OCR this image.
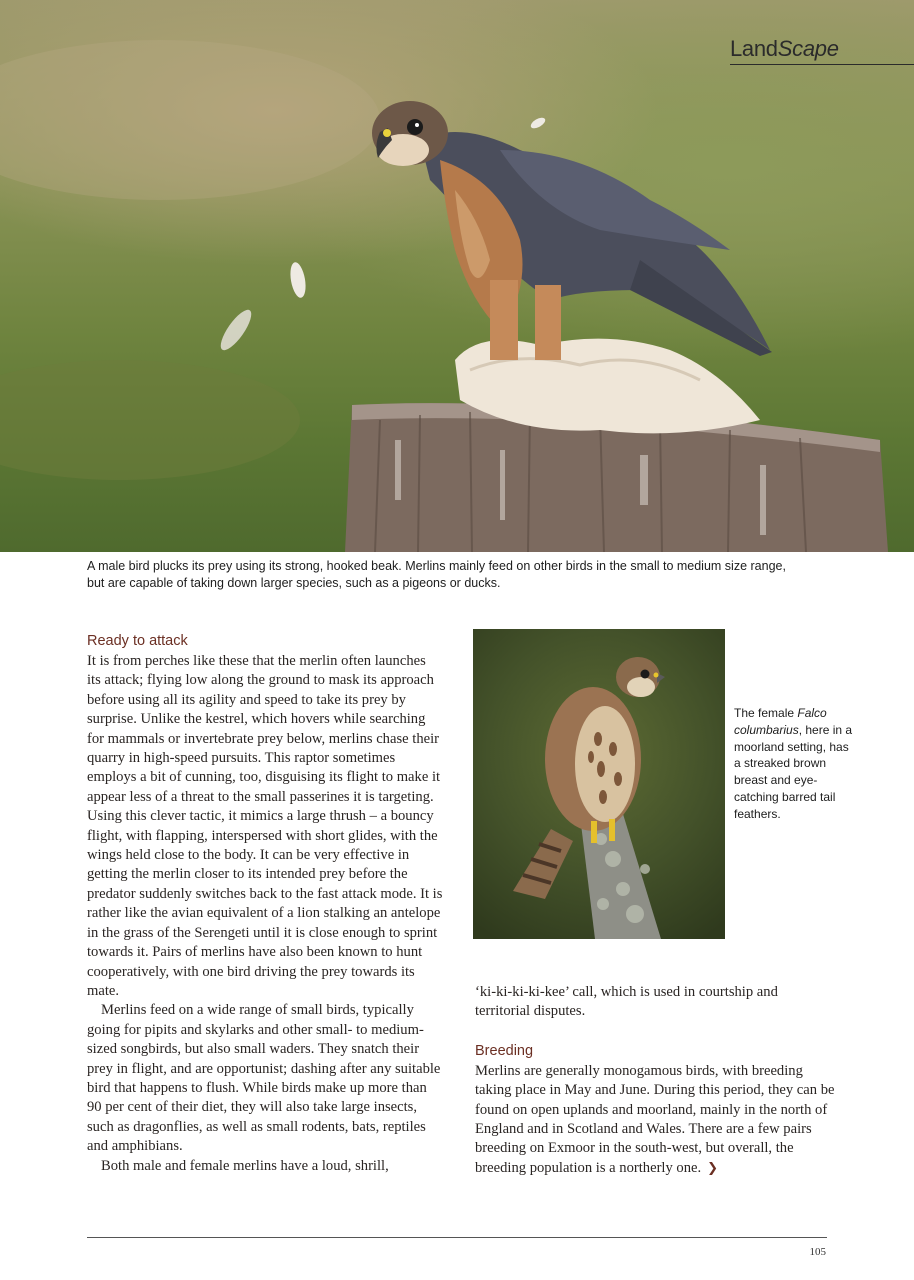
LandScape

A male bird plucks its prey using its strong, hooked beak. Merlins mainly feed on other birds in the small to medium size range,

but are capable of taking down larger species, such as a pigeons or ducks.

Ready to attack

It is from perches like these that the merlin often launches its attack; flying low along the ground to mask its approach before using all its agility and speed to take its prey by surprise. Unlike the kestrel, which hovers while searching for mammals or invertebrate prey below, merlins chase their quarry in high-speed pursuits. This raptor sometimes employs a bit of cunning, too, disguising its flight to make it appear less of a threat to the small passerines it is targeting. Using this clever tactic, it mimics a large thrush – a bouncy flight, with flapping, interspersed with short glides, with the wings held close to the body. It can be very effective in getting the merlin closer to its intended prey before the predator suddenly switches back to the fast attack mode. It is rather like the avian equivalent of a lion stalking an antelope in the grass of the Serengeti until it is close enough to sprint towards it. Pairs of merlins have also been known to hunt cooperatively, with one bird driving the prey towards its mate.

Merlins feed on a wide range of small birds, typically going for pipits and skylarks and other small- to medium-sized songbirds, but also small waders. They snatch their prey in flight, and are opportunist; dashing after any suitable bird that happens to flush. While birds make up more than 90 per cent of their diet, they will also take large insects, such as dragonflies, as well as small rodents, bats, reptiles and amphibians.

Both male and female merlins have a loud, shrill,

The female Falco columbarius, here in a moorland setting, has a streaked brown breast and eye-catching barred tail feathers.

‘ki-ki-ki-ki-kee’ call, which is used in courtship and territorial disputes.

Breeding

Merlins are generally monogamous birds, with breeding taking place in May and June. During this period, they can be found on open uplands and moorland, mainly in the north of England and in Scotland and Wales. There are a few pairs breeding on Exmoor in the south-west, but overall, the breeding population is a northerly one. ❯

105
